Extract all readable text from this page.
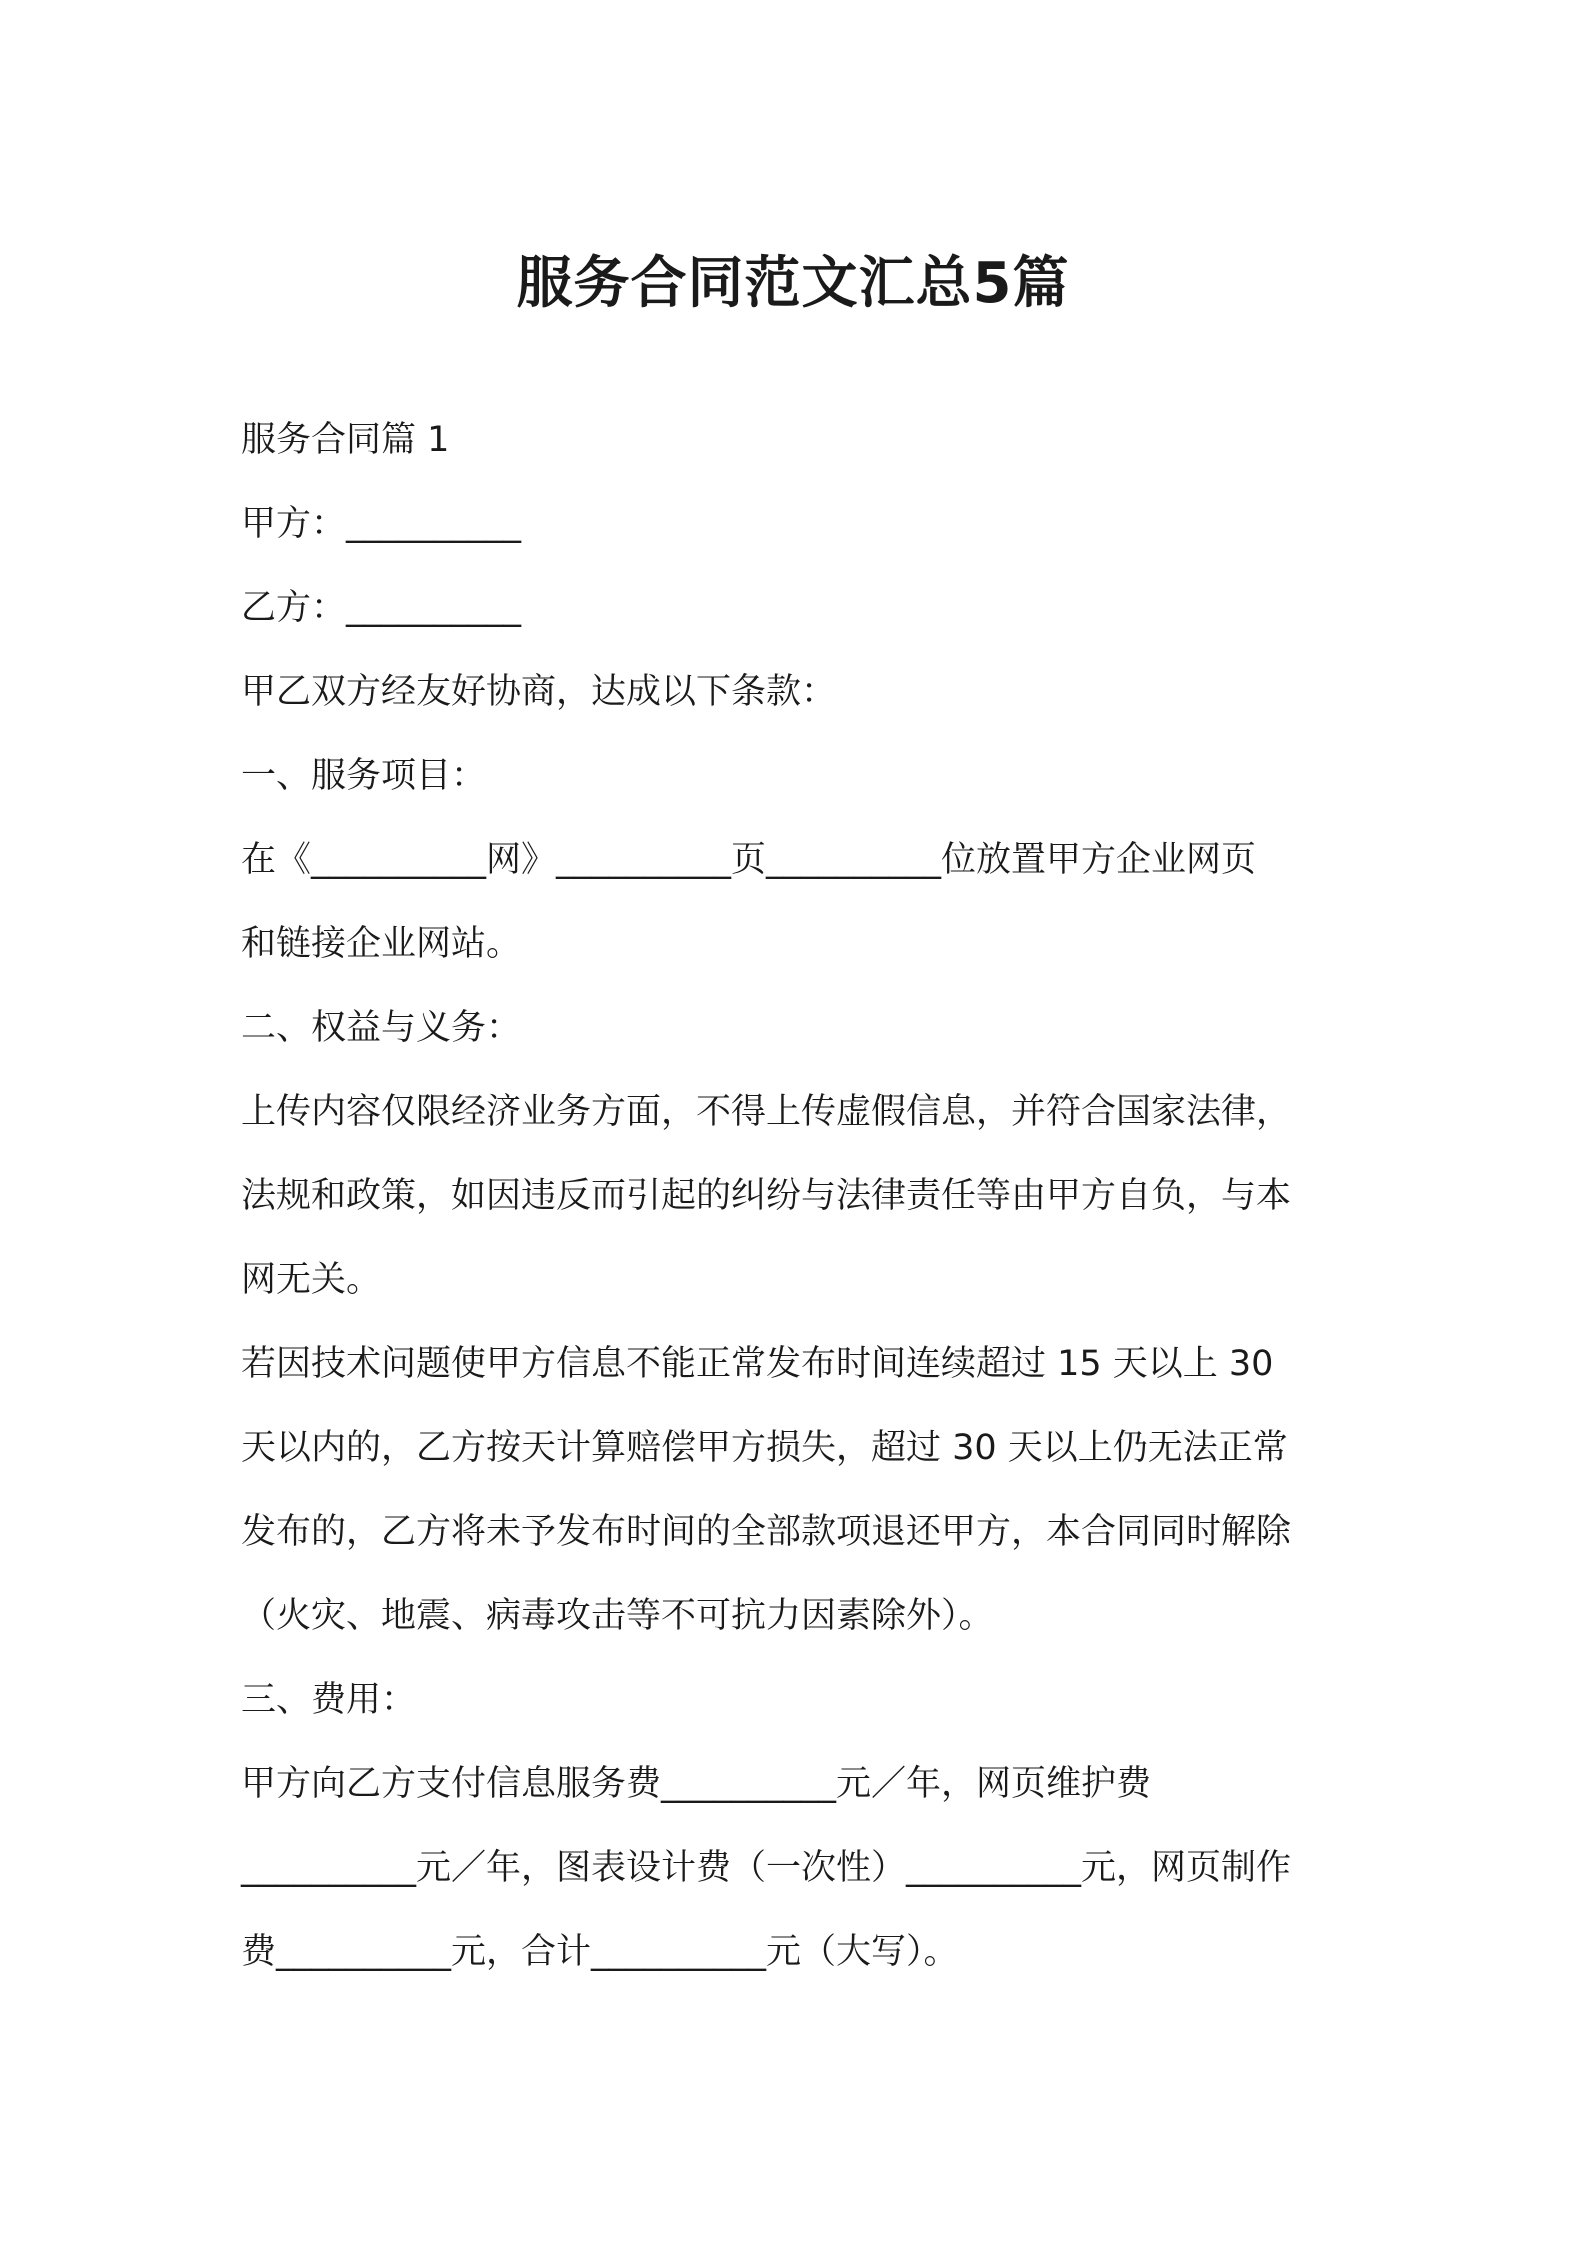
服务合同范文汇总5篇

服务合同篇 1

甲方：__________

乙方：__________

甲乙双方经友好协商，达成以下条款：

一、服务项目：

在《__________网》__________页__________位放置甲方企业网页

和链接企业网站。

二、权益与义务：

上传内容仅限经济业务方面，不得上传虚假信息，并符合国家法律，

法规和政策，如因违反而引起的纠纷与法律责任等由甲方自负，与本

网无关。

若因技术问题使甲方信息不能正常发布时间连续超过 15 天以上 30

天以内的，乙方按天计算赔偿甲方损失，超过 30 天以上仍无法正常

发布的，乙方将未予发布时间的全部款项退还甲方，本合同同时解除

（火灾、地震、病毒攻击等不可抗力因素除外）。

三、费用：

甲方向乙方支付信息服务费__________元／年，网页维护费

__________元／年，图表设计费（一次性）__________元，网页制作

费__________元，合计__________元（大写）。
